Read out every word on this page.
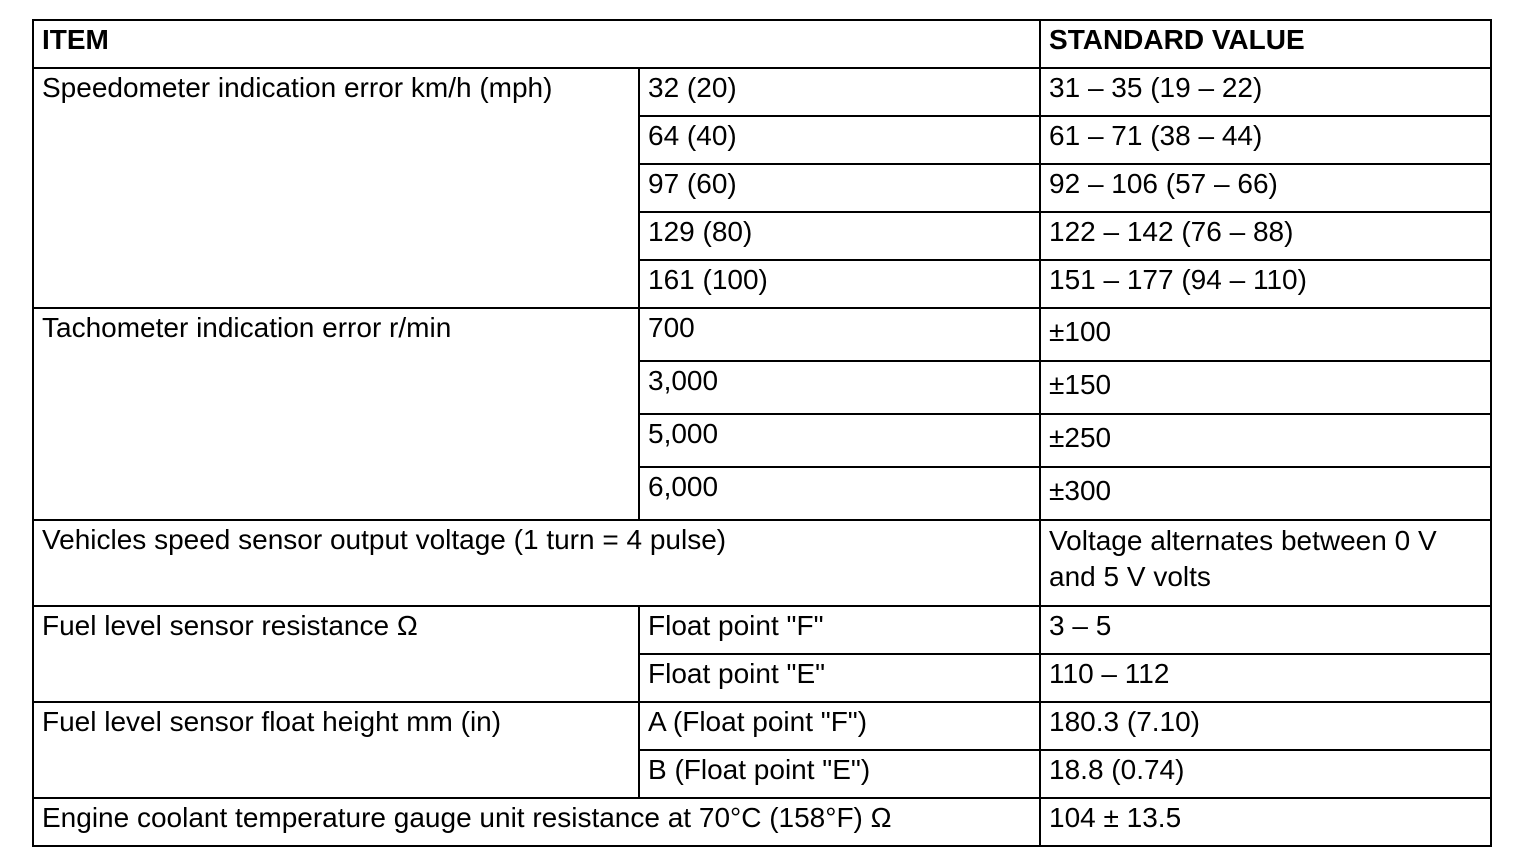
ITEM		STANDARD VALUE
Speedometer indication error km/h (mph)	32 (20)	31 – 35 (19 – 22)
	64 (40)	61 – 71 (38 – 44)
	97 (60)	92 – 106 (57 – 66)
	129 (80)	122 – 142 (76 – 88)
	161 (100)	151 – 177 (94 – 110)
Tachometer indication error r/min	700	±100
	3,000	±150
	5,000	±250
	6,000	±300
Vehicles speed sensor output voltage (1 turn = 4 pulse)		Voltage alternates between 0 V and 5 V volts
Fuel level sensor resistance Ω	Float point "F"	3 – 5
	Float point "E"	110 – 112
Fuel level sensor float height mm (in)	A (Float point "F")	180.3 (7.10)
	B (Float point "E")	18.8 (0.74)
Engine coolant temperature gauge unit resistance at 70°C (158°F) Ω		104 ± 13.5
